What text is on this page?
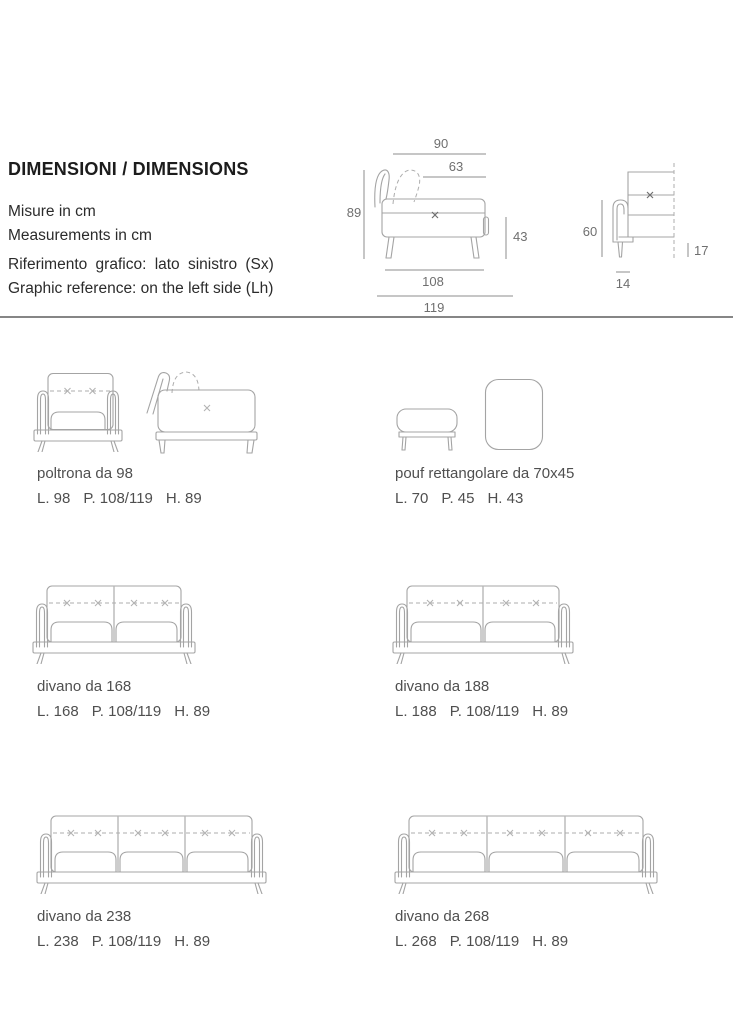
DIMENSIONI / DIMENSIONS
Misure in cm
Measurements in cm
Riferimento grafico: lato sinistro (Sx)
Graphic reference: on the left side (Lh)
90
63
89
43
108
119
60
17
14
poltrona da 98
L. 98 P. 108/119 H. 89
pouf rettangolare da 70x45
L. 70 P. 45 H. 43
divano da 168
L. 168 P. 108/119 H. 89
divano da 188
L. 188 P. 108/119 H. 89
divano da 238
L. 238 P. 108/119 H. 89
divano da 268
L. 268 P. 108/119 H. 89
